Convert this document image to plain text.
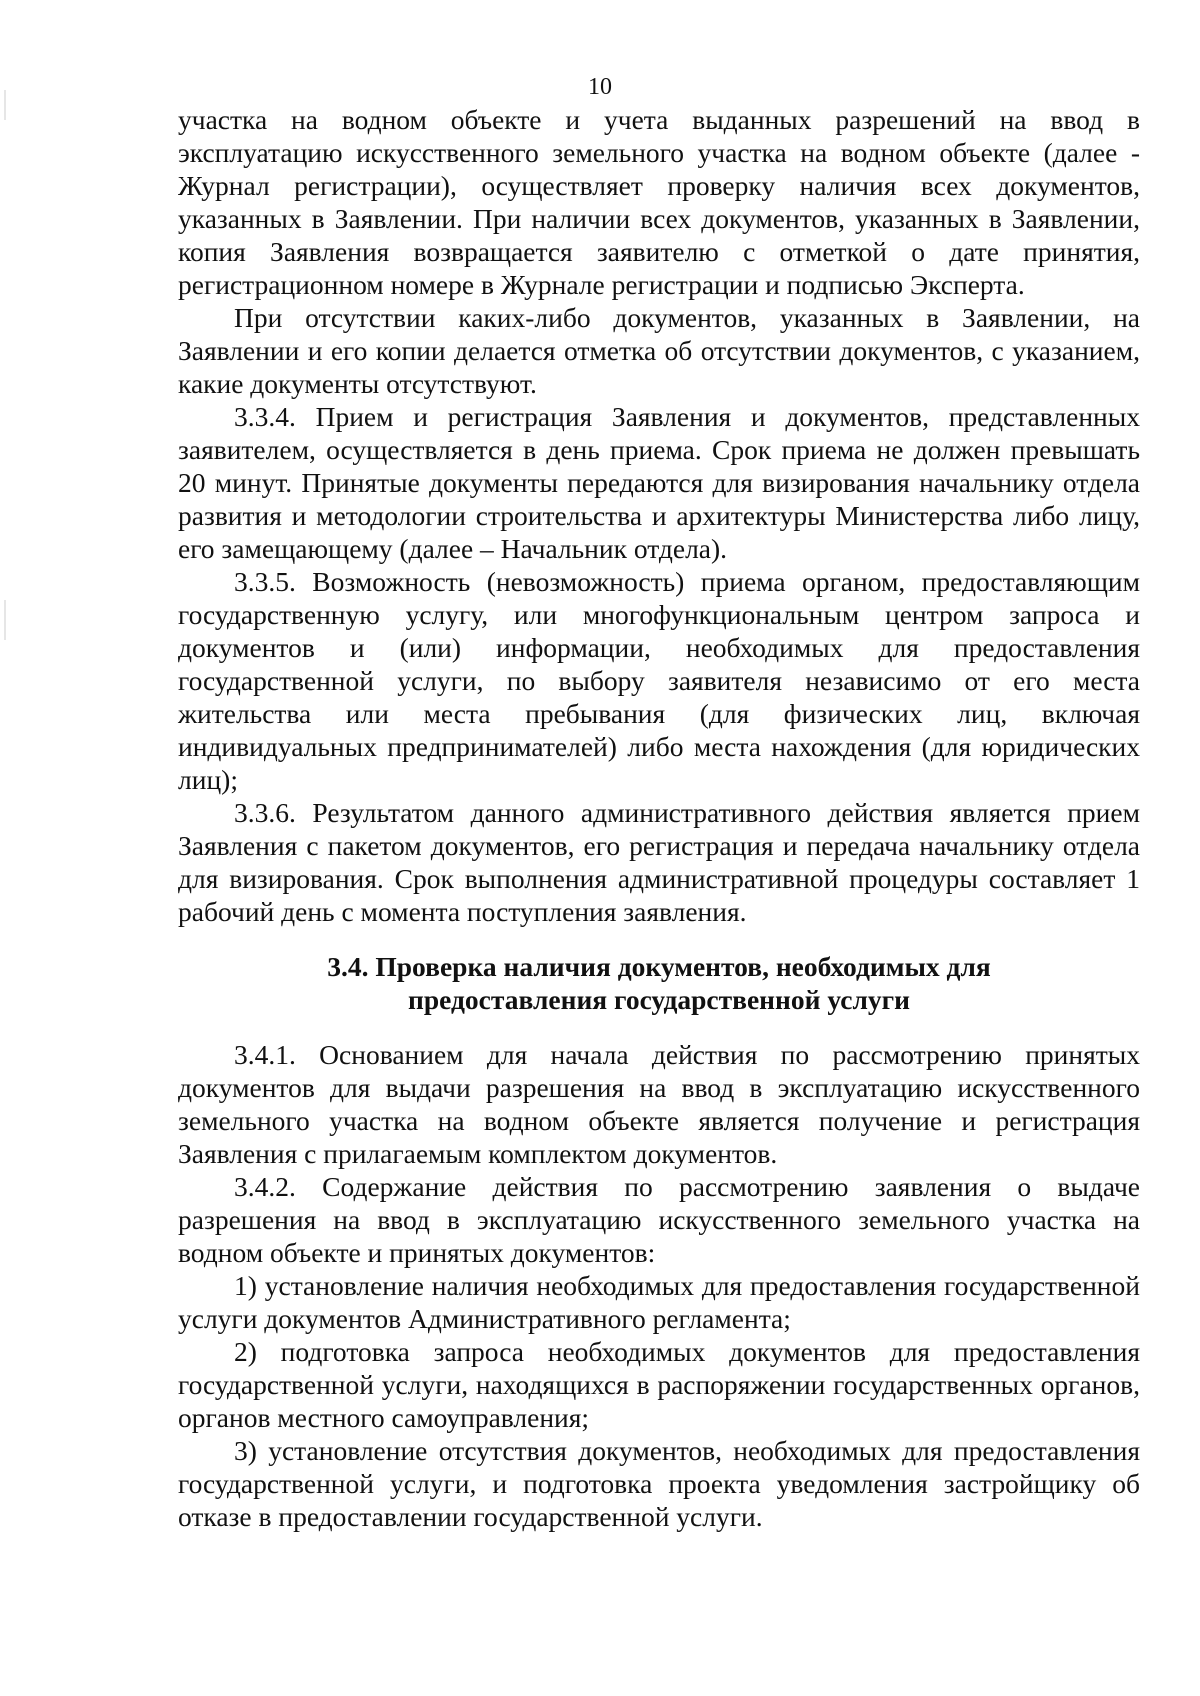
10

участка на водном объекте и учета выданных разрешений на ввод в эксплуатацию искусственного земельного участка на водном объекте (далее - Журнал регистрации), осуществляет проверку наличия всех документов, указанных в Заявлении. При наличии всех документов, указанных в Заявлении, копия Заявления возвращается заявителю с отметкой о дате принятия, регистрационном номере в Журнале регистрации и подписью Эксперта.

При отсутствии каких-либо документов, указанных в Заявлении, на Заявлении и его копии делается отметка об отсутствии документов, с указанием, какие документы отсутствуют.

3.3.4. Прием и регистрация Заявления и документов, представленных заявителем, осуществляется в день приема. Срок приема не должен превышать 20 минут. Принятые документы передаются для визирования начальнику отдела развития и методологии строительства и архитектуры Министерства либо лицу, его замещающему (далее – Начальник отдела).

3.3.5. Возможность (невозможность) приема органом, предоставляющим государственную услугу, или многофункциональным центром запроса и документов и (или) информации, необходимых для предоставления государственной услуги, по выбору заявителя независимо от его места жительства или места пребывания (для физических лиц, включая индивидуальных предпринимателей) либо места нахождения (для юридических лиц);

3.3.6. Результатом данного административного действия является прием Заявления с пакетом документов, его регистрация и передача начальнику отдела для визирования. Срок выполнения административной процедуры составляет 1 рабочий день с момента поступления заявления.

3.4. Проверка наличия документов, необходимых для
предоставления государственной услуги

3.4.1. Основанием для начала действия по рассмотрению принятых документов для выдачи разрешения на ввод в эксплуатацию искусственного земельного участка на водном объекте является получение и регистрация Заявления с прилагаемым комплектом документов.

3.4.2. Содержание действия по рассмотрению заявления о выдаче разрешения на ввод в эксплуатацию искусственного земельного участка на водном объекте и принятых документов:

1) установление наличия необходимых для предоставления государственной услуги документов Административного регламента;

2) подготовка запроса необходимых документов для предоставления государственной услуги, находящихся в распоряжении государственных органов, органов местного самоуправления;

3) установление отсутствия документов, необходимых для предоставления государственной услуги, и подготовка проекта уведомления застройщику об отказе в предоставлении государственной услуги.
